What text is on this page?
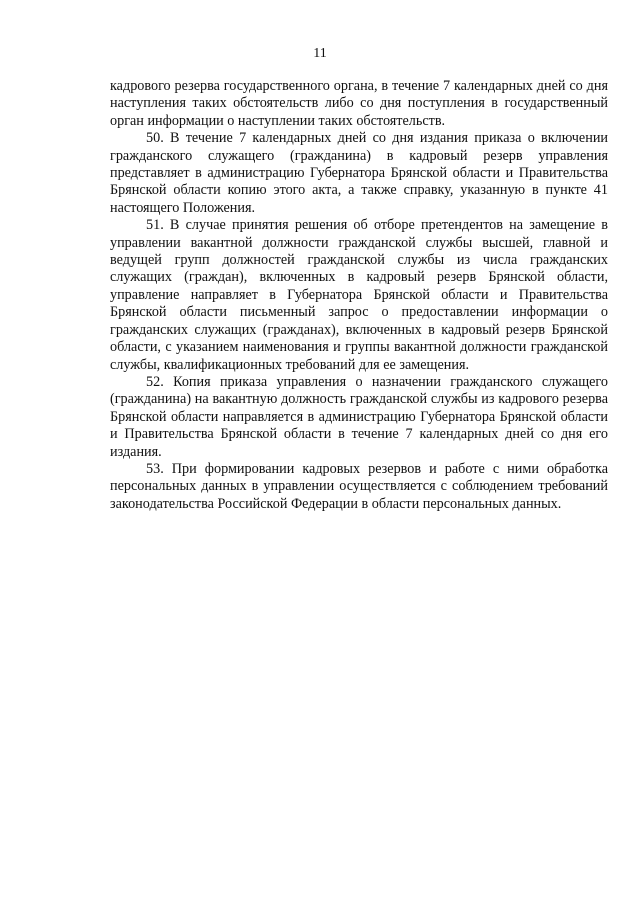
11

кадрового резерва государственного органа, в течение 7 календарных дней со дня наступления таких обстоятельств либо со дня поступления в государственный орган информации о наступлении таких обстоятельств.

50. В течение 7 календарных дней со дня издания приказа о включении гражданского служащего (гражданина) в кадровый резерв управления представляет в администрацию Губернатора Брянской области и Правительства Брянской области копию этого акта, а также справку, указанную в пункте 41 настоящего Положения.

51. В случае принятия решения об отборе претендентов на замещение в управлении вакантной должности гражданской службы высшей, главной и ведущей групп должностей гражданской службы из числа гражданских служащих (граждан), включенных в кадровый резерв Брянской области, управление направляет в Губернатора Брянской области и Правительства Брянской области письменный запрос о предоставлении информации о гражданских служащих (гражданах), включенных в кадровый резерв Брянской области, с указанием наименования и группы вакантной должности гражданской службы, квалификационных требований для ее замещения.

52. Копия приказа управления о назначении гражданского служащего (гражданина) на вакантную должность гражданской службы из кадрового резерва Брянской области направляется в администрацию Губернатора Брянской области и Правительства Брянской области в течение 7 календарных дней со дня его издания.

53. При формировании кадровых резервов и работе с ними обработка персональных данных в управлении осуществляется с соблюдением требований законодательства Российской Федерации в области персональных данных.
